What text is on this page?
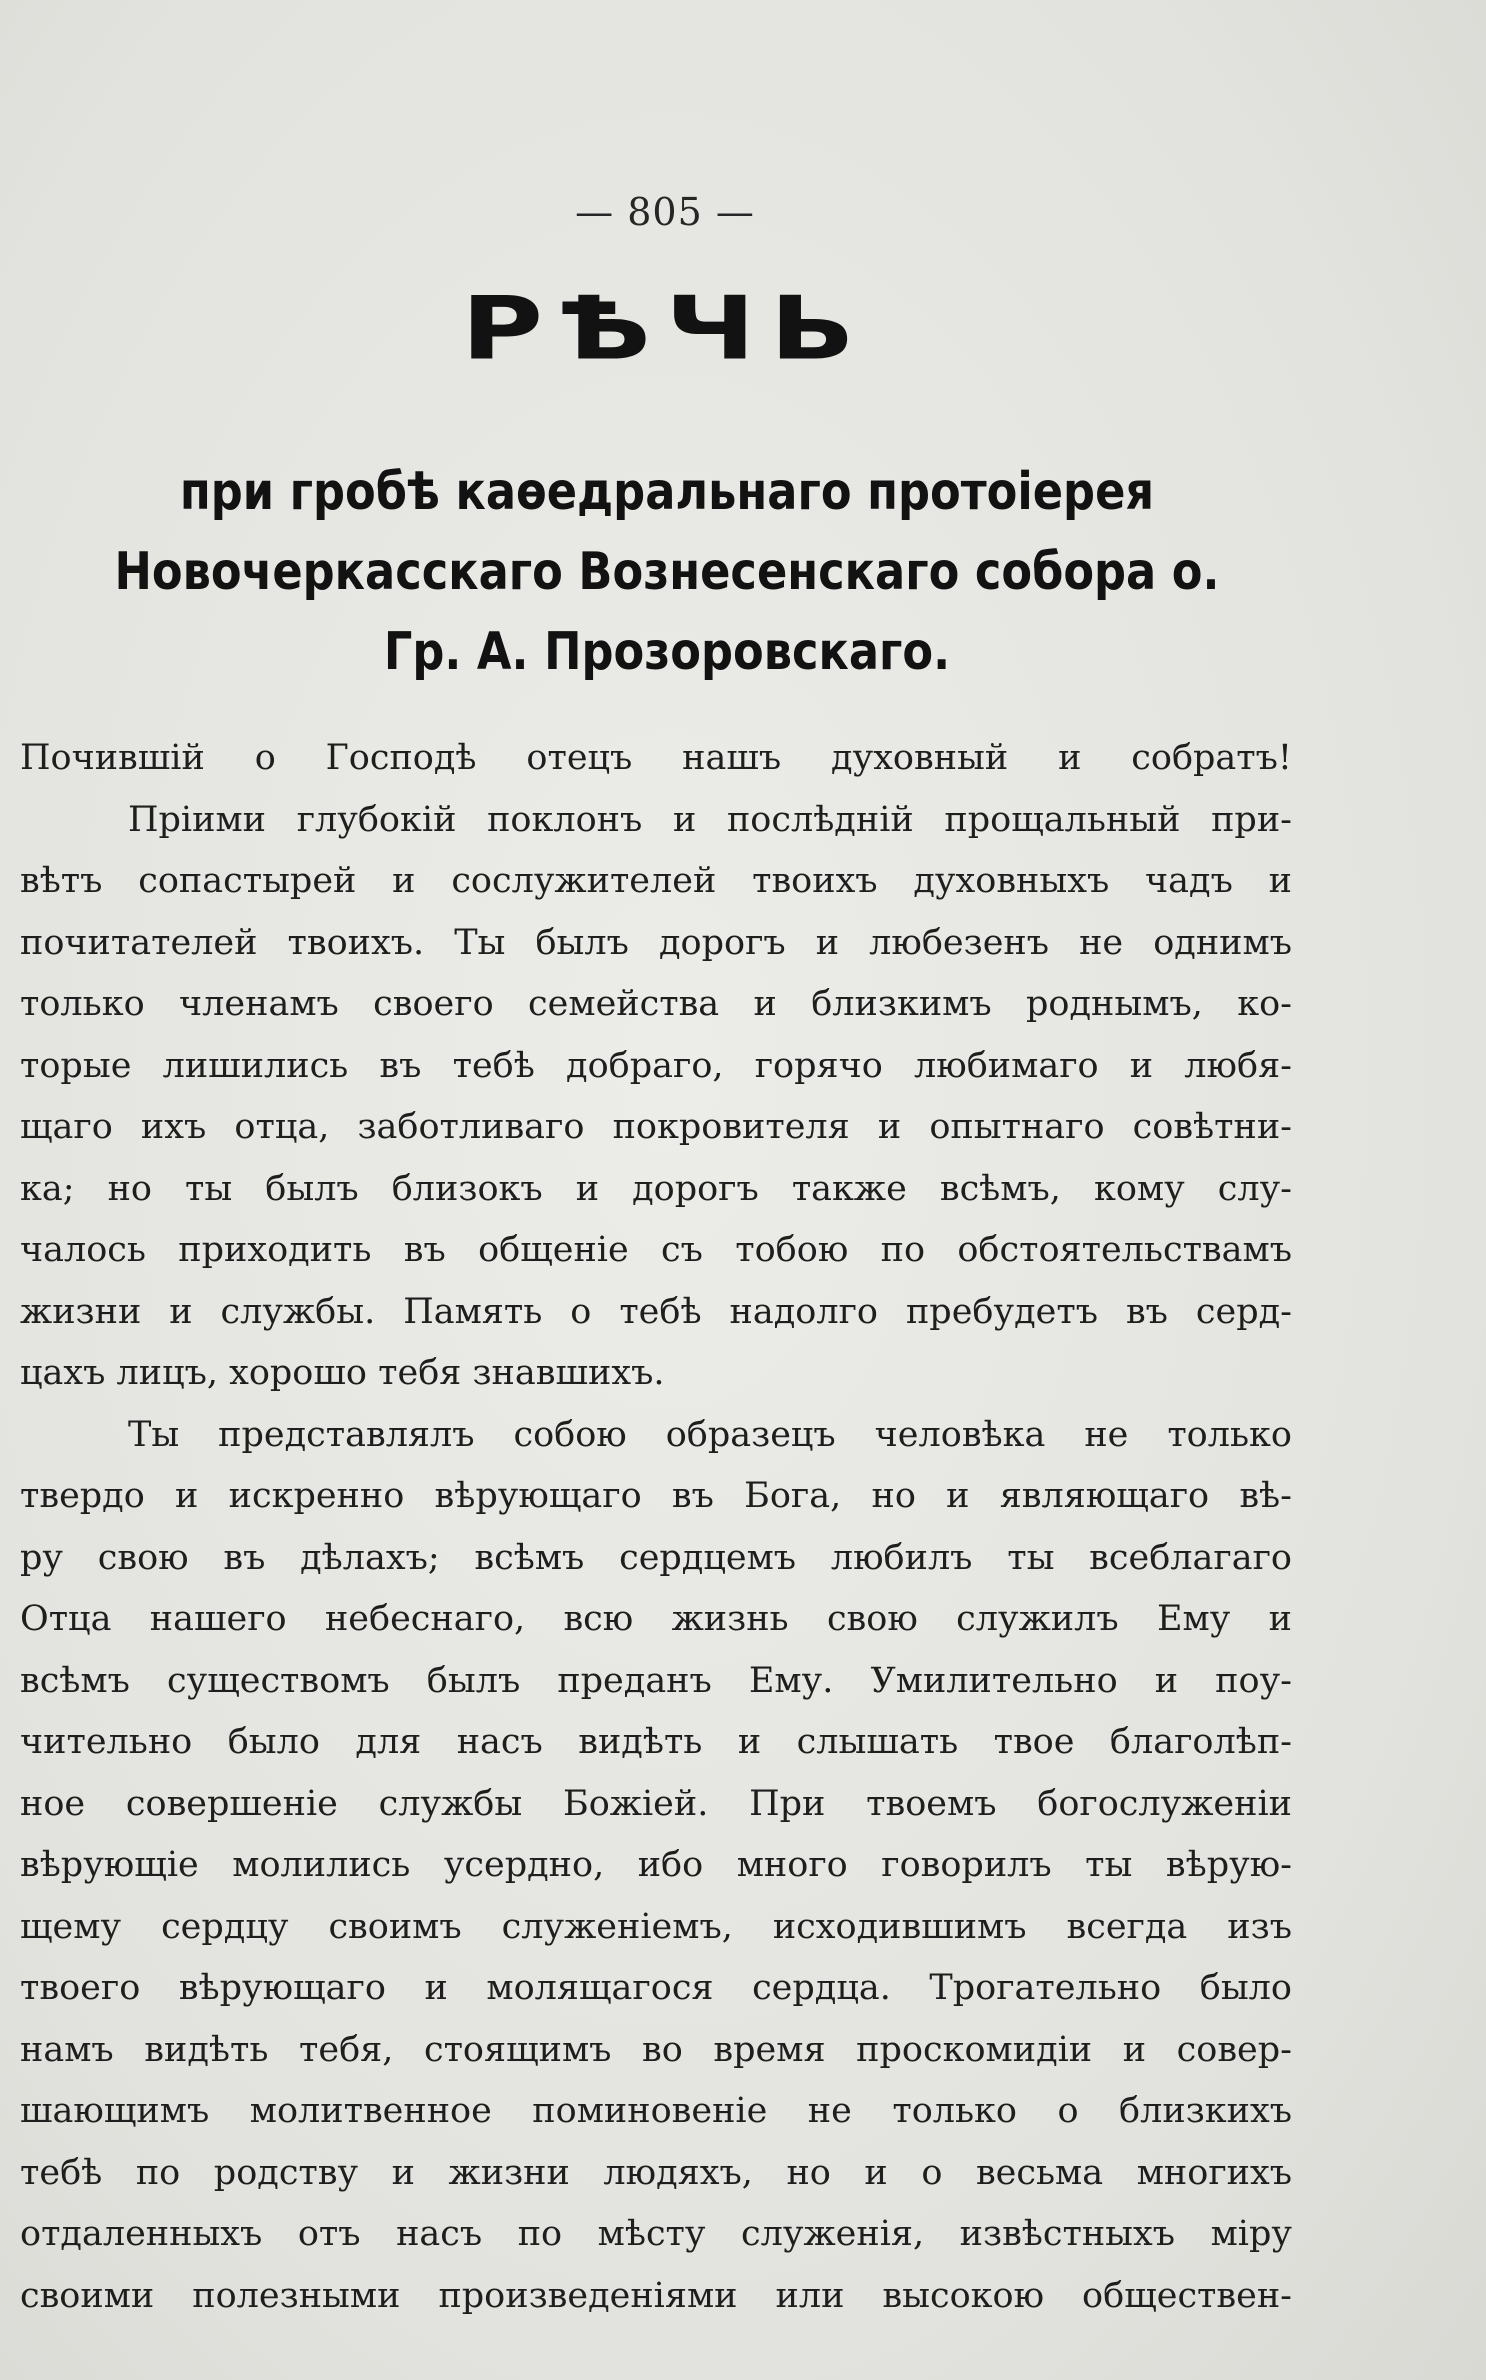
— 805 —
РѢЧЬ
при гробѣ каѳедральнаго протоіерея Новочеркасскаго Вознесенскаго собора о. Гр. А. Прозоровскаго.
Почившій о Господѣ отецъ нашъ духовный и собратъ!
Пріими глубокій поклонъ и послѣдній прощальный при-
вѣтъ сопастырей и сослужителей твоихъ духовныхъ чадъ и
почитателей твоихъ. Ты былъ дорогъ и любезенъ не однимъ
только членамъ своего семейства и близкимъ роднымъ, ко-
торые лишились въ тебѣ добраго, горячо любимаго и любя-
щаго ихъ отца, заботливаго покровителя и опытнаго совѣтни-
ка; но ты былъ близокъ и дорогъ также всѣмъ, кому слу-
чалось приходить въ общеніе съ тобою по обстоятельствамъ
жизни и службы. Память о тебѣ надолго пребудетъ въ серд-
цахъ лицъ, хорошо тебя знавшихъ.
Ты представлялъ собою образецъ человѣка не только
твердо и искренно вѣрующаго въ Бога, но и являющаго вѣ-
ру свою въ дѣлахъ; всѣмъ сердцемъ любилъ ты всеблагаго
Отца нашего небеснаго, всю жизнь свою служилъ Ему и
всѣмъ существомъ былъ преданъ Ему. Умилительно и поу-
чительно было для насъ видѣть и слышать твое благолѣп-
ное совершеніе службы Божіей. При твоемъ богослуженіи
вѣрующіе молились усердно, ибо много говорилъ ты вѣрую-
щему сердцу своимъ служеніемъ, исходившимъ всегда изъ
твоего вѣрующаго и молящагося сердца. Трогательно было
намъ видѣть тебя, стоящимъ во время проскомидіи и совер-
шающимъ молитвенное поминовеніе не только о близкихъ
тебѣ по родству и жизни людяхъ, но и о весьма многихъ
отдаленныхъ отъ насъ по мѣсту служенія, извѣстныхъ міру
своими полезными произведеніями или высокою обществен-
